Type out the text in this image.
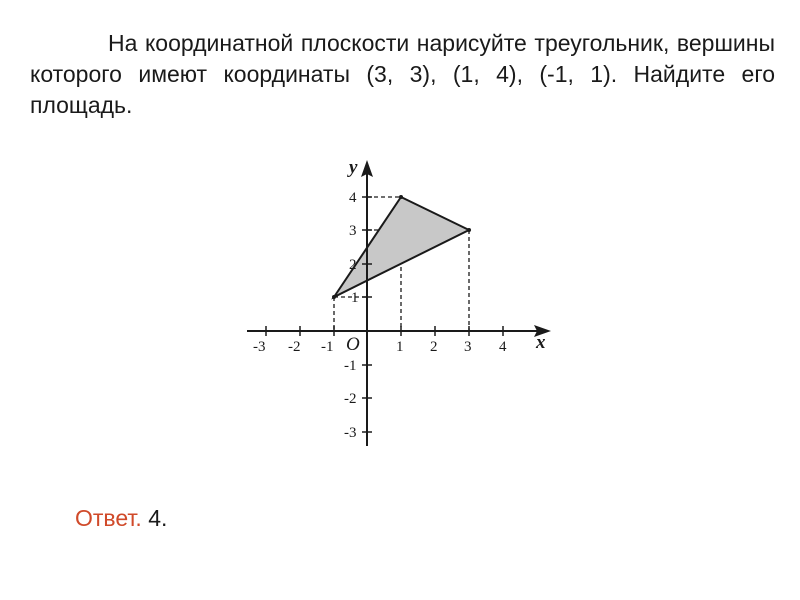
На координатной плоскости нарисуйте треугольник, вершины которого имеют координаты (3, 3), (1, 4), (-1, 1). Найдите его площадь.

-3 -2 -1	1 2 3 4
4
3
2
1
-1
-2
-3
x
y
O
Ответ. 4.
